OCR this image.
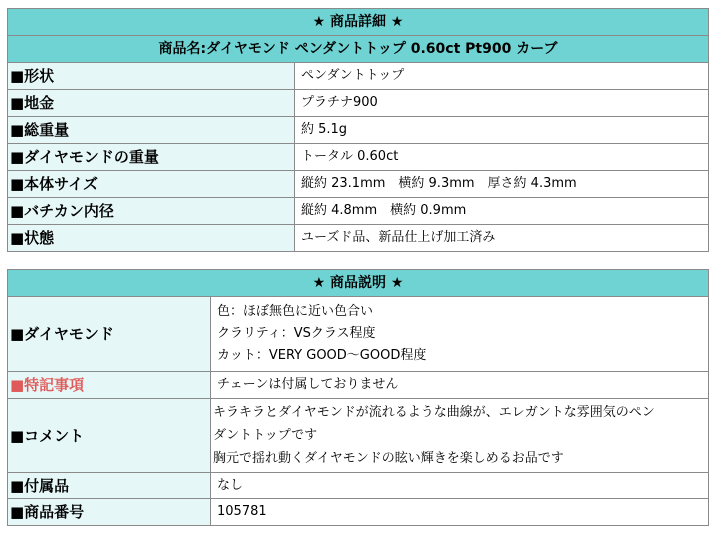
★ 商品詳細 ★	
商品名:ダイヤモンド ペンダントトップ 0.60ct Pt900 カーブ	
■形状	ペンダントトップ
■地金	プラチナ900
■総重量	約 5.1g
■ダイヤモンドの重量	トータル 0.60ct
■本体サイズ	縦約 23.1mm　横約 9.3mm　厚さ約 4.3mm
■バチカン内径	縦約 4.8mm　横約 0.9mm
■状態	ユーズド品、新品仕上げ加工済み
★ 商品説明 ★	
■ダイヤモンド	色：ほぼ無色に近い色合い
クラリティ：VSクラス程度
カット：VERY GOOD〜GOOD程度

■特記事項	チェーンは付属しておりません
■コメント	キラキラとダイヤモンドが流れるような曲線が、エレガントな雰囲気のペン
ダントトップです
胸元で揺れ動くダイヤモンドの眩い輝きを楽しめるお品です

■付属品	なし
■商品番号	105781
